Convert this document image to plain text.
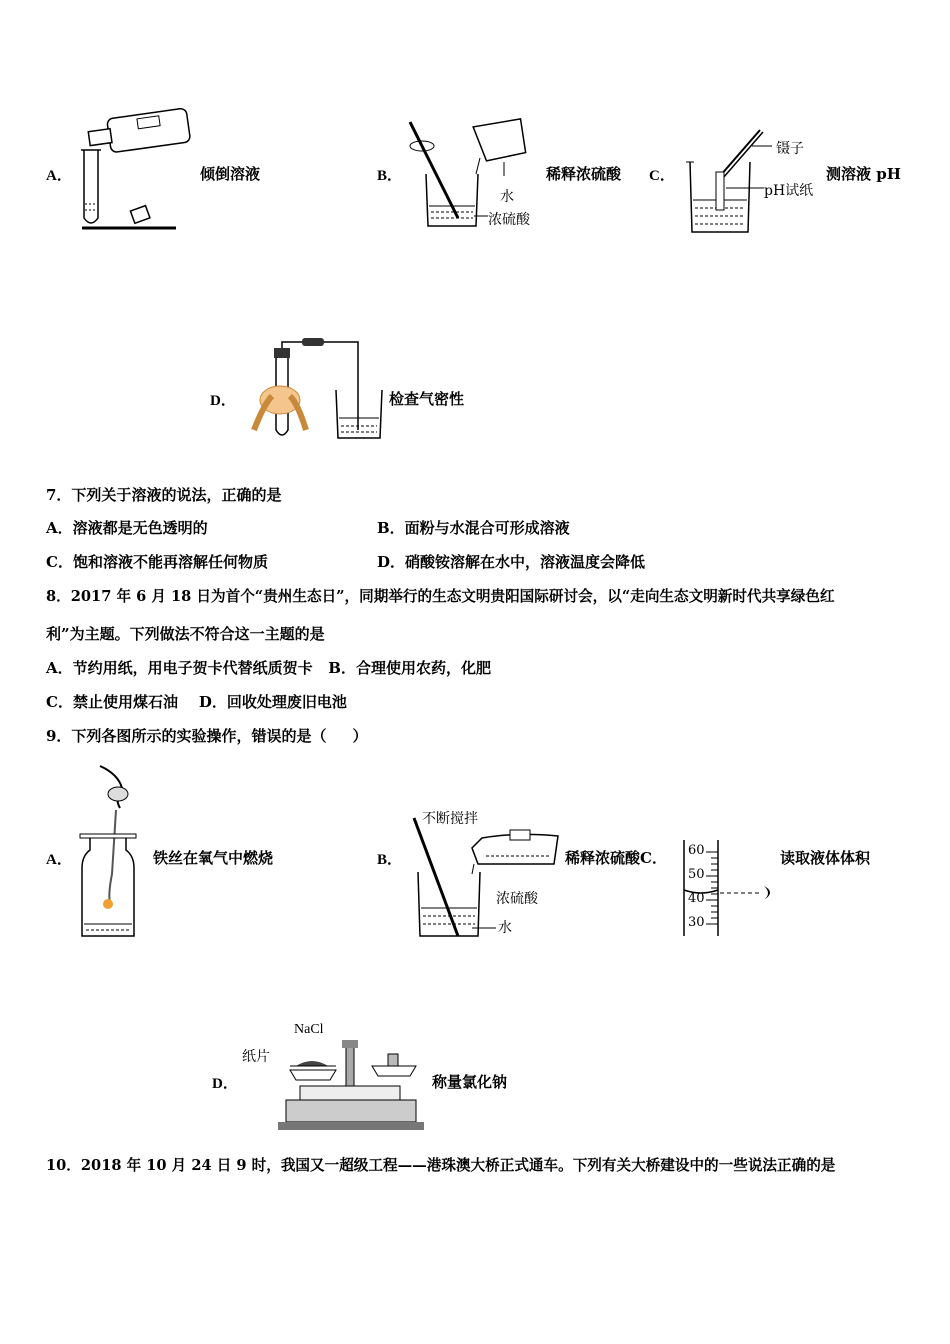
A．	倾倒溶液	B．
水
浓硫酸
稀释浓硫酸 C．
镊子
pH试纸
测溶液 pH
D．	检查气密性
7．下列关于溶液的说法，正确的是
A．溶液都是无色透明的	B．面粉与水混合可形成溶液
C．饱和溶液不能再溶解任何物质	D．硝酸铵溶解在水中，溶液温度会降低
8．2017 年 6 月 18 日为首个“贵州生态日”，同期举行的生态文明贵阳国际研讨会，以“走向生态文明新时代共享绿色红
利”为主题。下列做法不符合这一主题的是
A．节约用纸，用电子贺卡代替纸质贺卡   B．合理使用农药，化肥
C．禁止使用煤石油    D．回收处理废旧电池
9．下列各图所示的实验操作，错误的是（     ）
A．	铁丝在氧气中燃烧	B．
不断搅拌
浓硫酸
水
稀释浓硫酸C． 60
50
40
30
读取液体体积
D．
NaCl
纸片
称量氯化钠
10．2018 年 10 月 24 日 9 时，我国又一超级工程——港珠澳大桥正式通车。下列有关大桥建设中的一些说法正确的是
